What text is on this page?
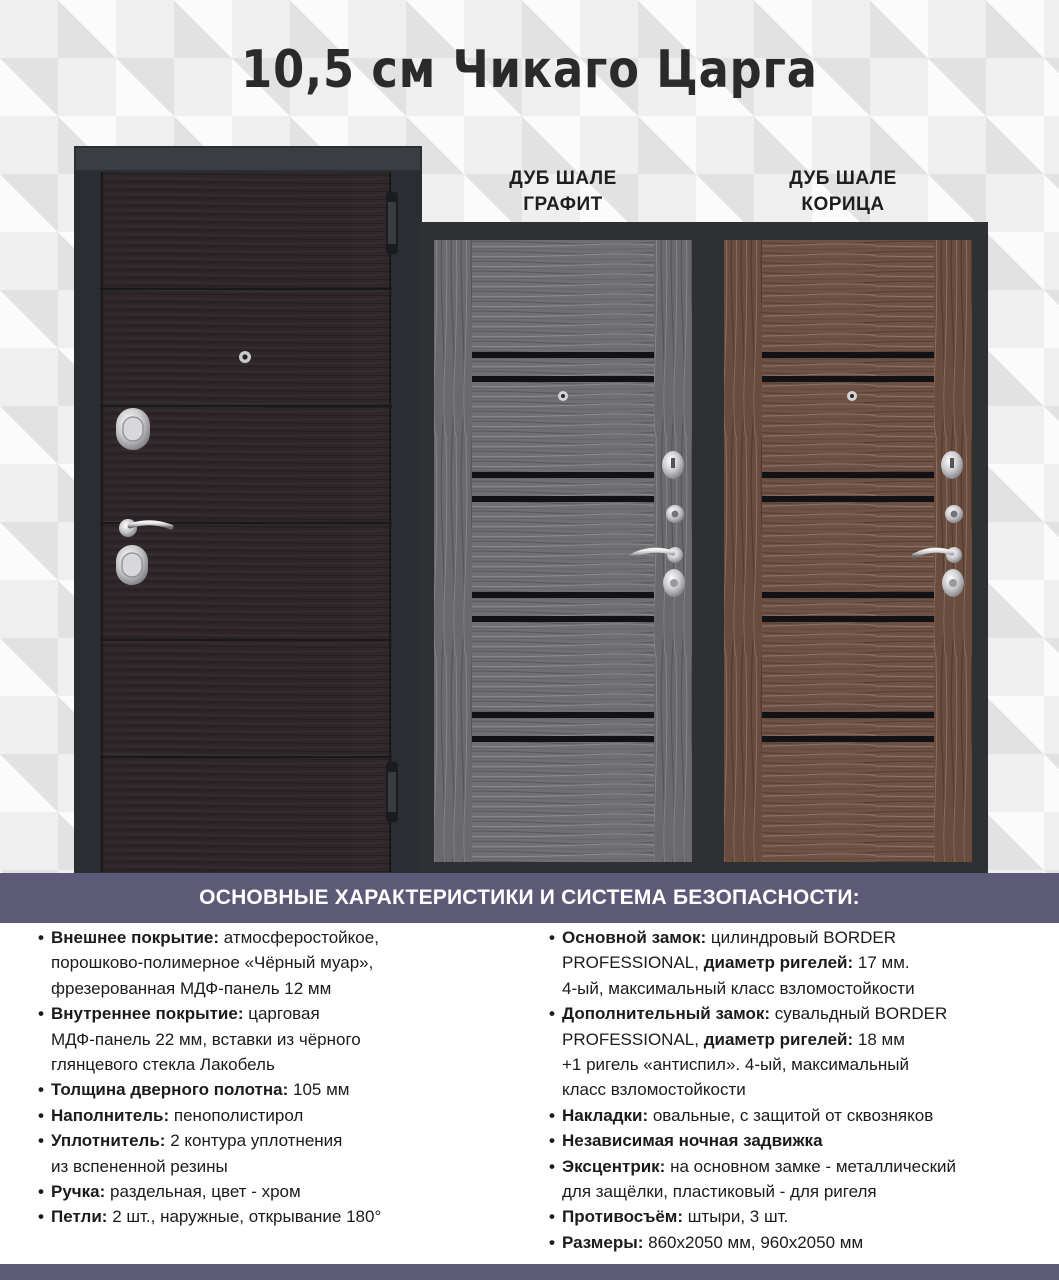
10,5 см Чикаго Царга
ДУБ ШАЛЕ
ГРАФИТ
ДУБ ШАЛЕ
КОРИЦА
ОСНОВНЫЕ ХАРАКТЕРИСТИКИ И СИСТЕМА БЕЗОПАСНОСТИ:
• Внешнее покрытие: атмосферостойкое,
порошково-полимерное «Чёрный муар»,
фрезерованная МДФ-панель 12 мм
• Внутреннее покрытие: царговая
МДФ-панель 22 мм, вставки из чёрного
глянцевого стекла Лакобель
• Толщина дверного полотна: 105 мм
• Наполнитель: пенополистирол
• Уплотнитель: 2 контура уплотнения
из вспененной резины
• Ручка: раздельная, цвет - хром
• Петли: 2 шт., наружные, открывание 180°
• Основной замок: цилиндровый BORDER
PROFESSIONAL, диаметр ригелей: 17 мм.
4-ый, максимальный класс взломостойкости
• Дополнительный замок: сувальдный BORDER
PROFESSIONAL, диаметр ригелей: 18 мм
+1 ригель «антиспил». 4-ый, максимальный
класс взломостойкости
• Накладки: овальные, с защитой от сквозняков
• Независимая ночная задвижка
• Эксцентрик: на основном замке - металлический
для защёлки, пластиковый - для ригеля
• Противосъём: штыри, 3 шт.
• Размеры: 860х2050 мм, 960х2050 мм
